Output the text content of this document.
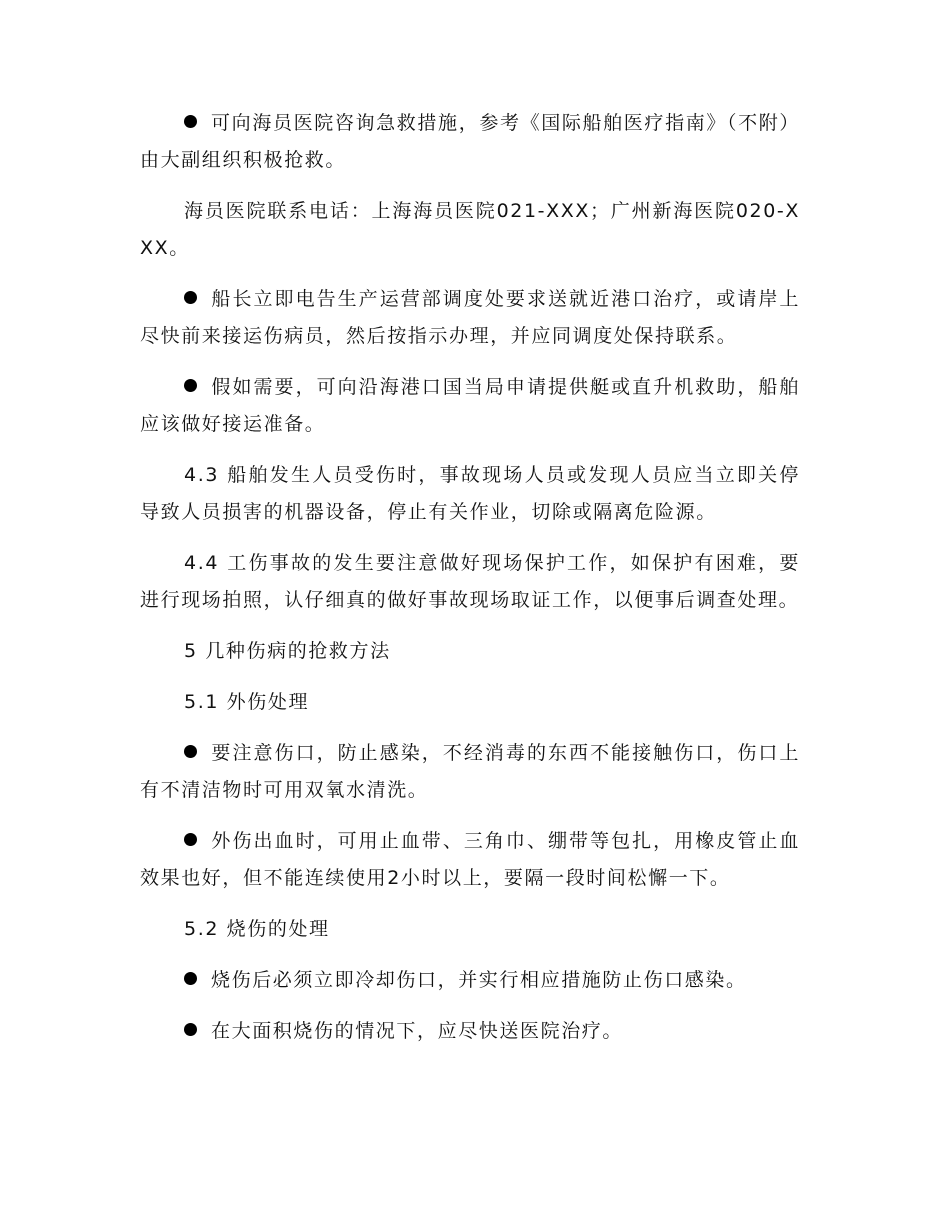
可向海员医院咨询急救措施，参考《国际船舶医疗指南》（不附）由大副组织积极抢救。

海员医院联系电话：上海海员医院021-XXX；广州新海医院020-XXX。

船长立即电告生产运营部调度处要求送就近港口治疗，或请岸上尽快前来接运伤病员，然后按指示办理，并应同调度处保持联系。

假如需要，可向沿海港口国当局申请提供艇或直升机救助，船舶应该做好接运准备。

4.3 船舶发生人员受伤时，事故现场人员或发现人员应当立即关停导致人员损害的机器设备，停止有关作业，切除或隔离危险源。

4.4 工伤事故的发生要注意做好现场保护工作，如保护有困难，要进行现场拍照，认仔细真的做好事故现场取证工作，以便事后调查处理。

5 几种伤病的抢救方法

5.1 外伤处理

要注意伤口，防止感染，不经消毒的东西不能接触伤口，伤口上有不清洁物时可用双氧水清洗。

外伤出血时，可用止血带、三角巾、绷带等包扎，用橡皮管止血效果也好，但不能连续使用2小时以上，要隔一段时间松懈一下。

5.2 烧伤的处理

烧伤后必须立即冷却伤口，并实行相应措施防止伤口感染。

在大面积烧伤的情况下，应尽快送医院治疗。
